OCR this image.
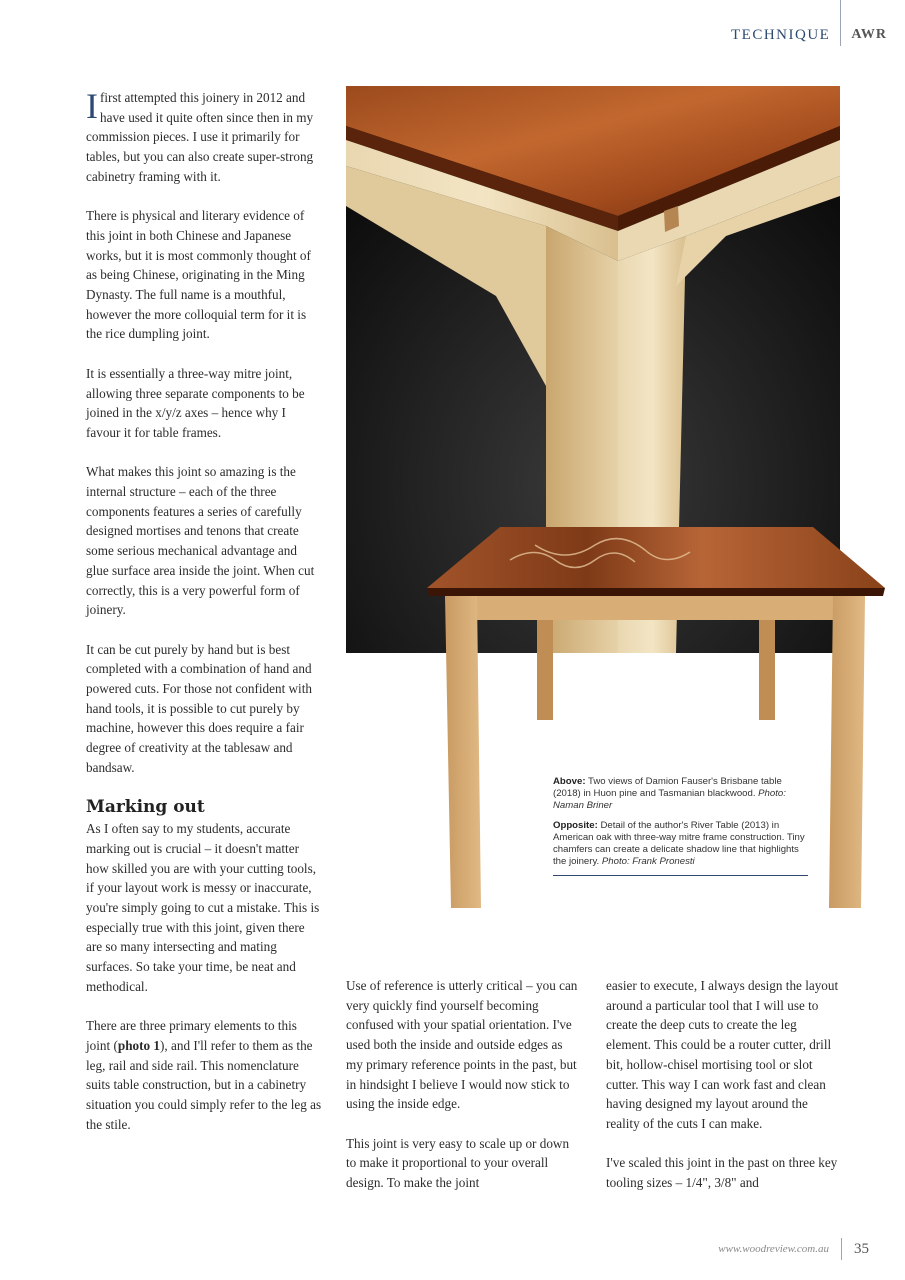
TECHNIQUE AWR

Ifirst attempted this joinery in 2012 and have used it quite often since then in my commission pieces. I use it primarily for tables, but you can also create super-strong cabinetry framing with it.

There is physical and literary evidence of this joint in both Chinese and Japanese works, but it is most commonly thought of as being Chinese, originating in the Ming Dynasty. The full name is a mouthful, however the more colloquial term for it is the rice dumpling joint.

It is essentially a three-way mitre joint, allowing three separate components to be joined in the x/y/z axes – hence why I favour it for table frames.

What makes this joint so amazing is the internal structure – each of the three components features a series of carefully designed mortises and tenons that create some serious mechanical advantage and glue surface area inside the joint. When cut correctly, this is a very powerful form of joinery.

It can be cut purely by hand but is best completed with a combination of hand and powered cuts. For those not confident with hand tools, it is possible to cut purely by machine, however this does require a fair degree of creativity at the tablesaw and bandsaw.

Marking out

As I often say to my students, accurate marking out is crucial – it doesn't matter how skilled you are with your cutting tools, if your layout work is messy or inaccurate, you're simply going to cut a mistake. This is especially true with this joint, given there are so many intersecting and mating surfaces. So take your time, be neat and methodical.

There are three primary elements to this joint (photo 1), and I'll refer to them as the leg, rail and side rail. This nomenclature suits table construction, but in a cabinetry situation you could simply refer to the leg as the stile.

Above: Two views of Damion Fauser's Brisbane table (2018) in Huon pine and Tasmanian blackwood. Photo: Naman Briner

Opposite: Detail of the author's River Table (2013) in American oak with three-way mitre frame construction. Tiny chamfers can create a delicate shadow line that highlights the joinery. Photo: Frank Pronesti

Use of reference is utterly critical – you can very quickly find yourself becoming confused with your spatial orientation. I've used both the inside and outside edges as my primary reference points in the past, but in hindsight I believe I would now stick to using the inside edge.

This joint is very easy to scale up or down to make it proportional to your overall design. To make the joint

easier to execute, I always design the layout around a particular tool that I will use to create the deep cuts to create the leg element. This could be a router cutter, drill bit, hollow-chisel mortising tool or slot cutter. This way I can work fast and clean having designed my layout around the reality of the cuts I can make.

I've scaled this joint in the past on three key tooling sizes – 1/4", 3/8" and

www.woodreview.com.au 35
